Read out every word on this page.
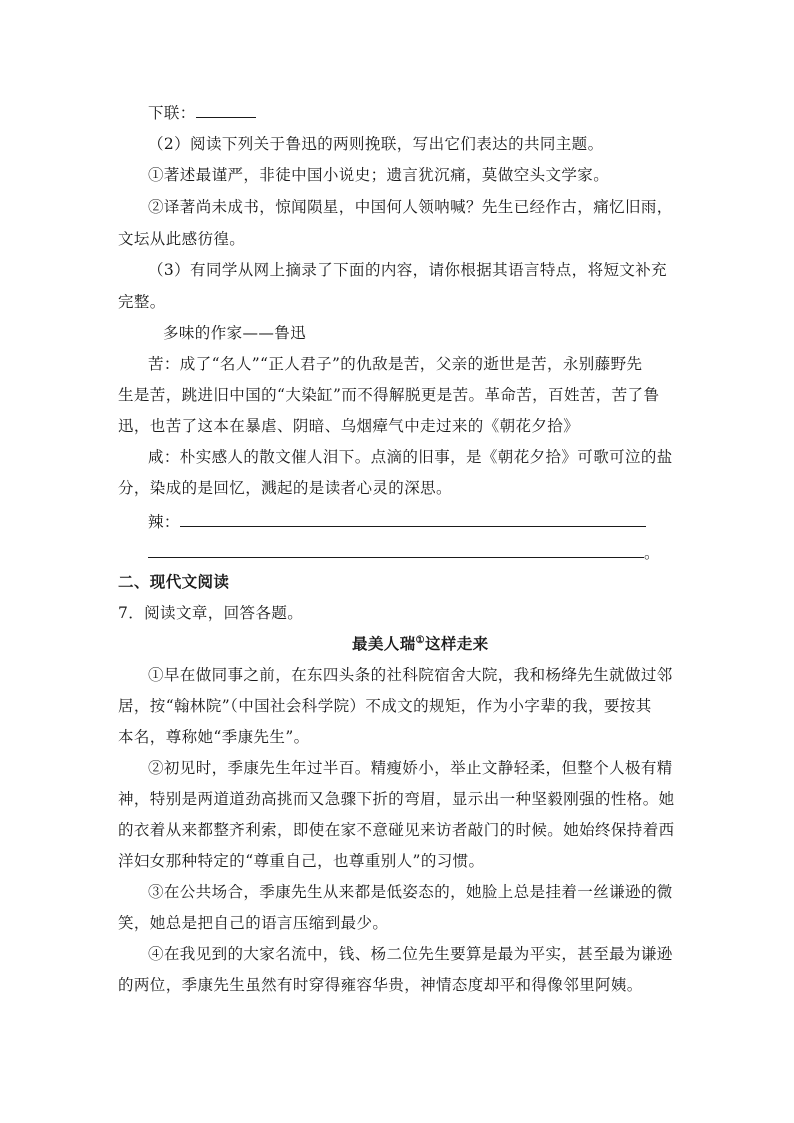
下联：
（2）阅读下列关于鲁迅的两则挽联，写出它们表达的共同主题。
①著述最谨严，非徒中国小说史；遗言犹沉痛，莫做空头文学家。
②译著尚未成书，惊闻陨星，中国何人领呐喊？先生已经作古，痛忆旧雨，
文坛从此感彷徨。
（3）有同学从网上摘录了下面的内容，请你根据其语言特点，将短文补充
完整。
多味的作家——鲁迅
苦：成了“名人”“正人君子”的仇敌是苦，父亲的逝世是苦，永别藤野先
生是苦，跳进旧中国的“大染缸”而不得解脱更是苦。革命苦，百姓苦，苦了鲁
迅，也苦了这本在暴虐、阴暗、乌烟瘴气中走过来的《朝花夕拾》
咸：朴实感人的散文催人泪下。点滴的旧事，是《朝花夕拾》可歌可泣的盐
分，染成的是回忆，溅起的是读者心灵的深思。
辣：
。
二、现代文阅读
7．阅读文章，回答各题。
最美人瑞①这样走来
①早在做同事之前，在东四头条的社科院宿舍大院，我和杨绛先生就做过邻
居，按“翰林院”（中国社会科学院）不成文的规矩，作为小字辈的我，要按其
本名，尊称她“季康先生”。
②初见时，季康先生年过半百。精瘦娇小，举止文静轻柔，但整个人极有精
神，特别是两道道劲高挑而又急骤下折的弯眉，显示出一种坚毅刚强的性格。她
的衣着从来都整齐利索，即使在家不意碰见来访者敲门的时候。她始终保持着西
洋妇女那种特定的“尊重自己，也尊重别人”的习惯。
③在公共场合，季康先生从来都是低姿态的，她脸上总是挂着一丝谦逊的微
笑，她总是把自己的语言压缩到最少。
④在我见到的大家名流中，钱、杨二位先生要算是最为平实，甚至最为谦逊
的两位，季康先生虽然有时穿得雍容华贵，神情态度却平和得像邻里阿姨。
